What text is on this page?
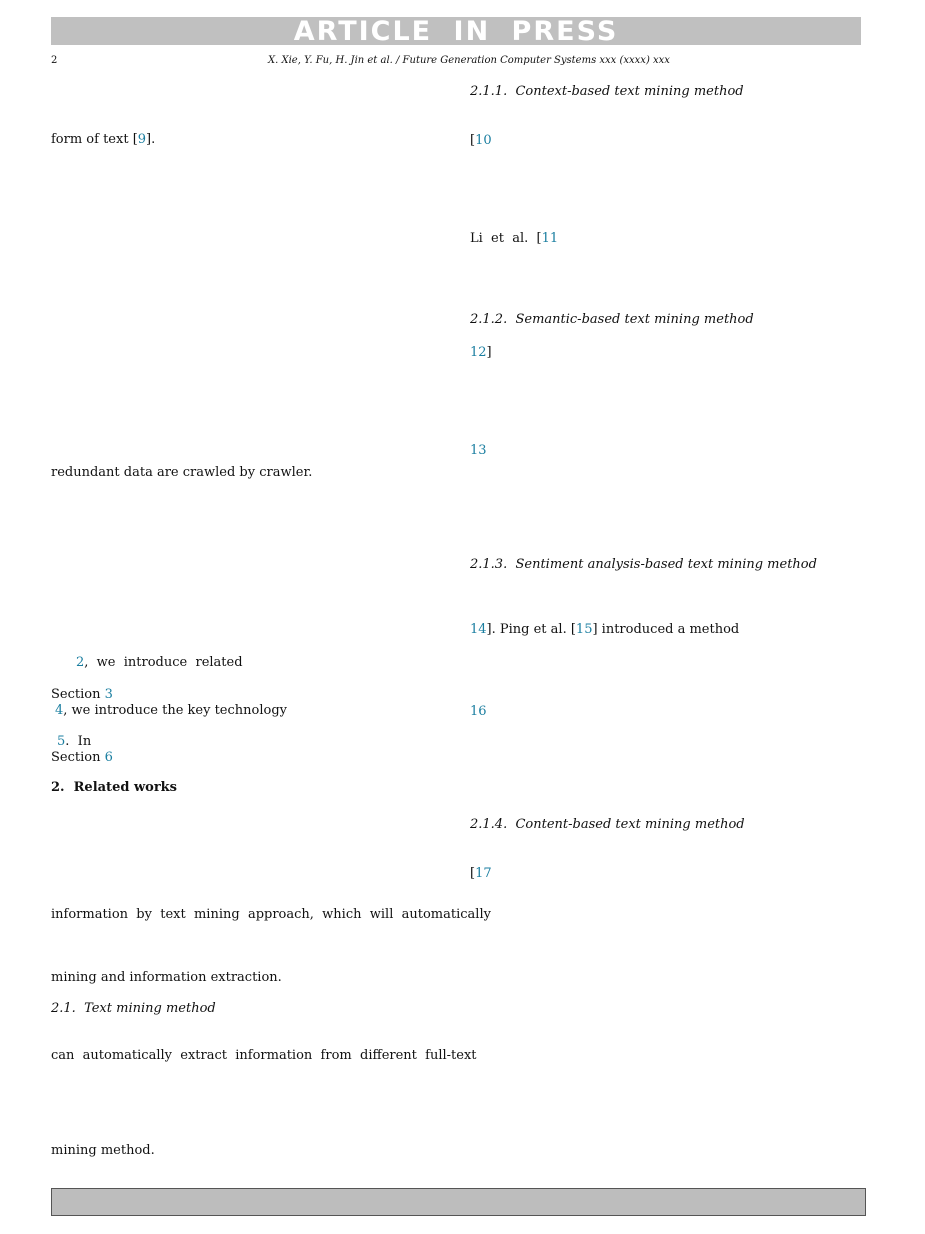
ARTICLE IN PRESS
2	X. Xie, Y. Fu, H. Jin et al. / Future Generation Computer Systems xxx (xxxx) xxx
form of text [9].
redundant data are crawled by crawler.
2,  we  introduce  related
Section 3
4, we introduce the key technology
5.  In
Section 6
2.  Related works
information  by  text  mining  approach,  which  will  automatically
mining and information extraction.
2.1.  Text mining method
can  automatically  extract  information  from  different  full-text
mining method.
2.1.1.  Context-based text mining method
[10
Li  et  al.  [11
2.1.2.  Semantic-based text mining method
12]
13
2.1.3.  Sentiment analysis-based text mining method
14]. Ping et al. [15] introduced a method
16
2.1.4.  Content-based text mining method
[17
